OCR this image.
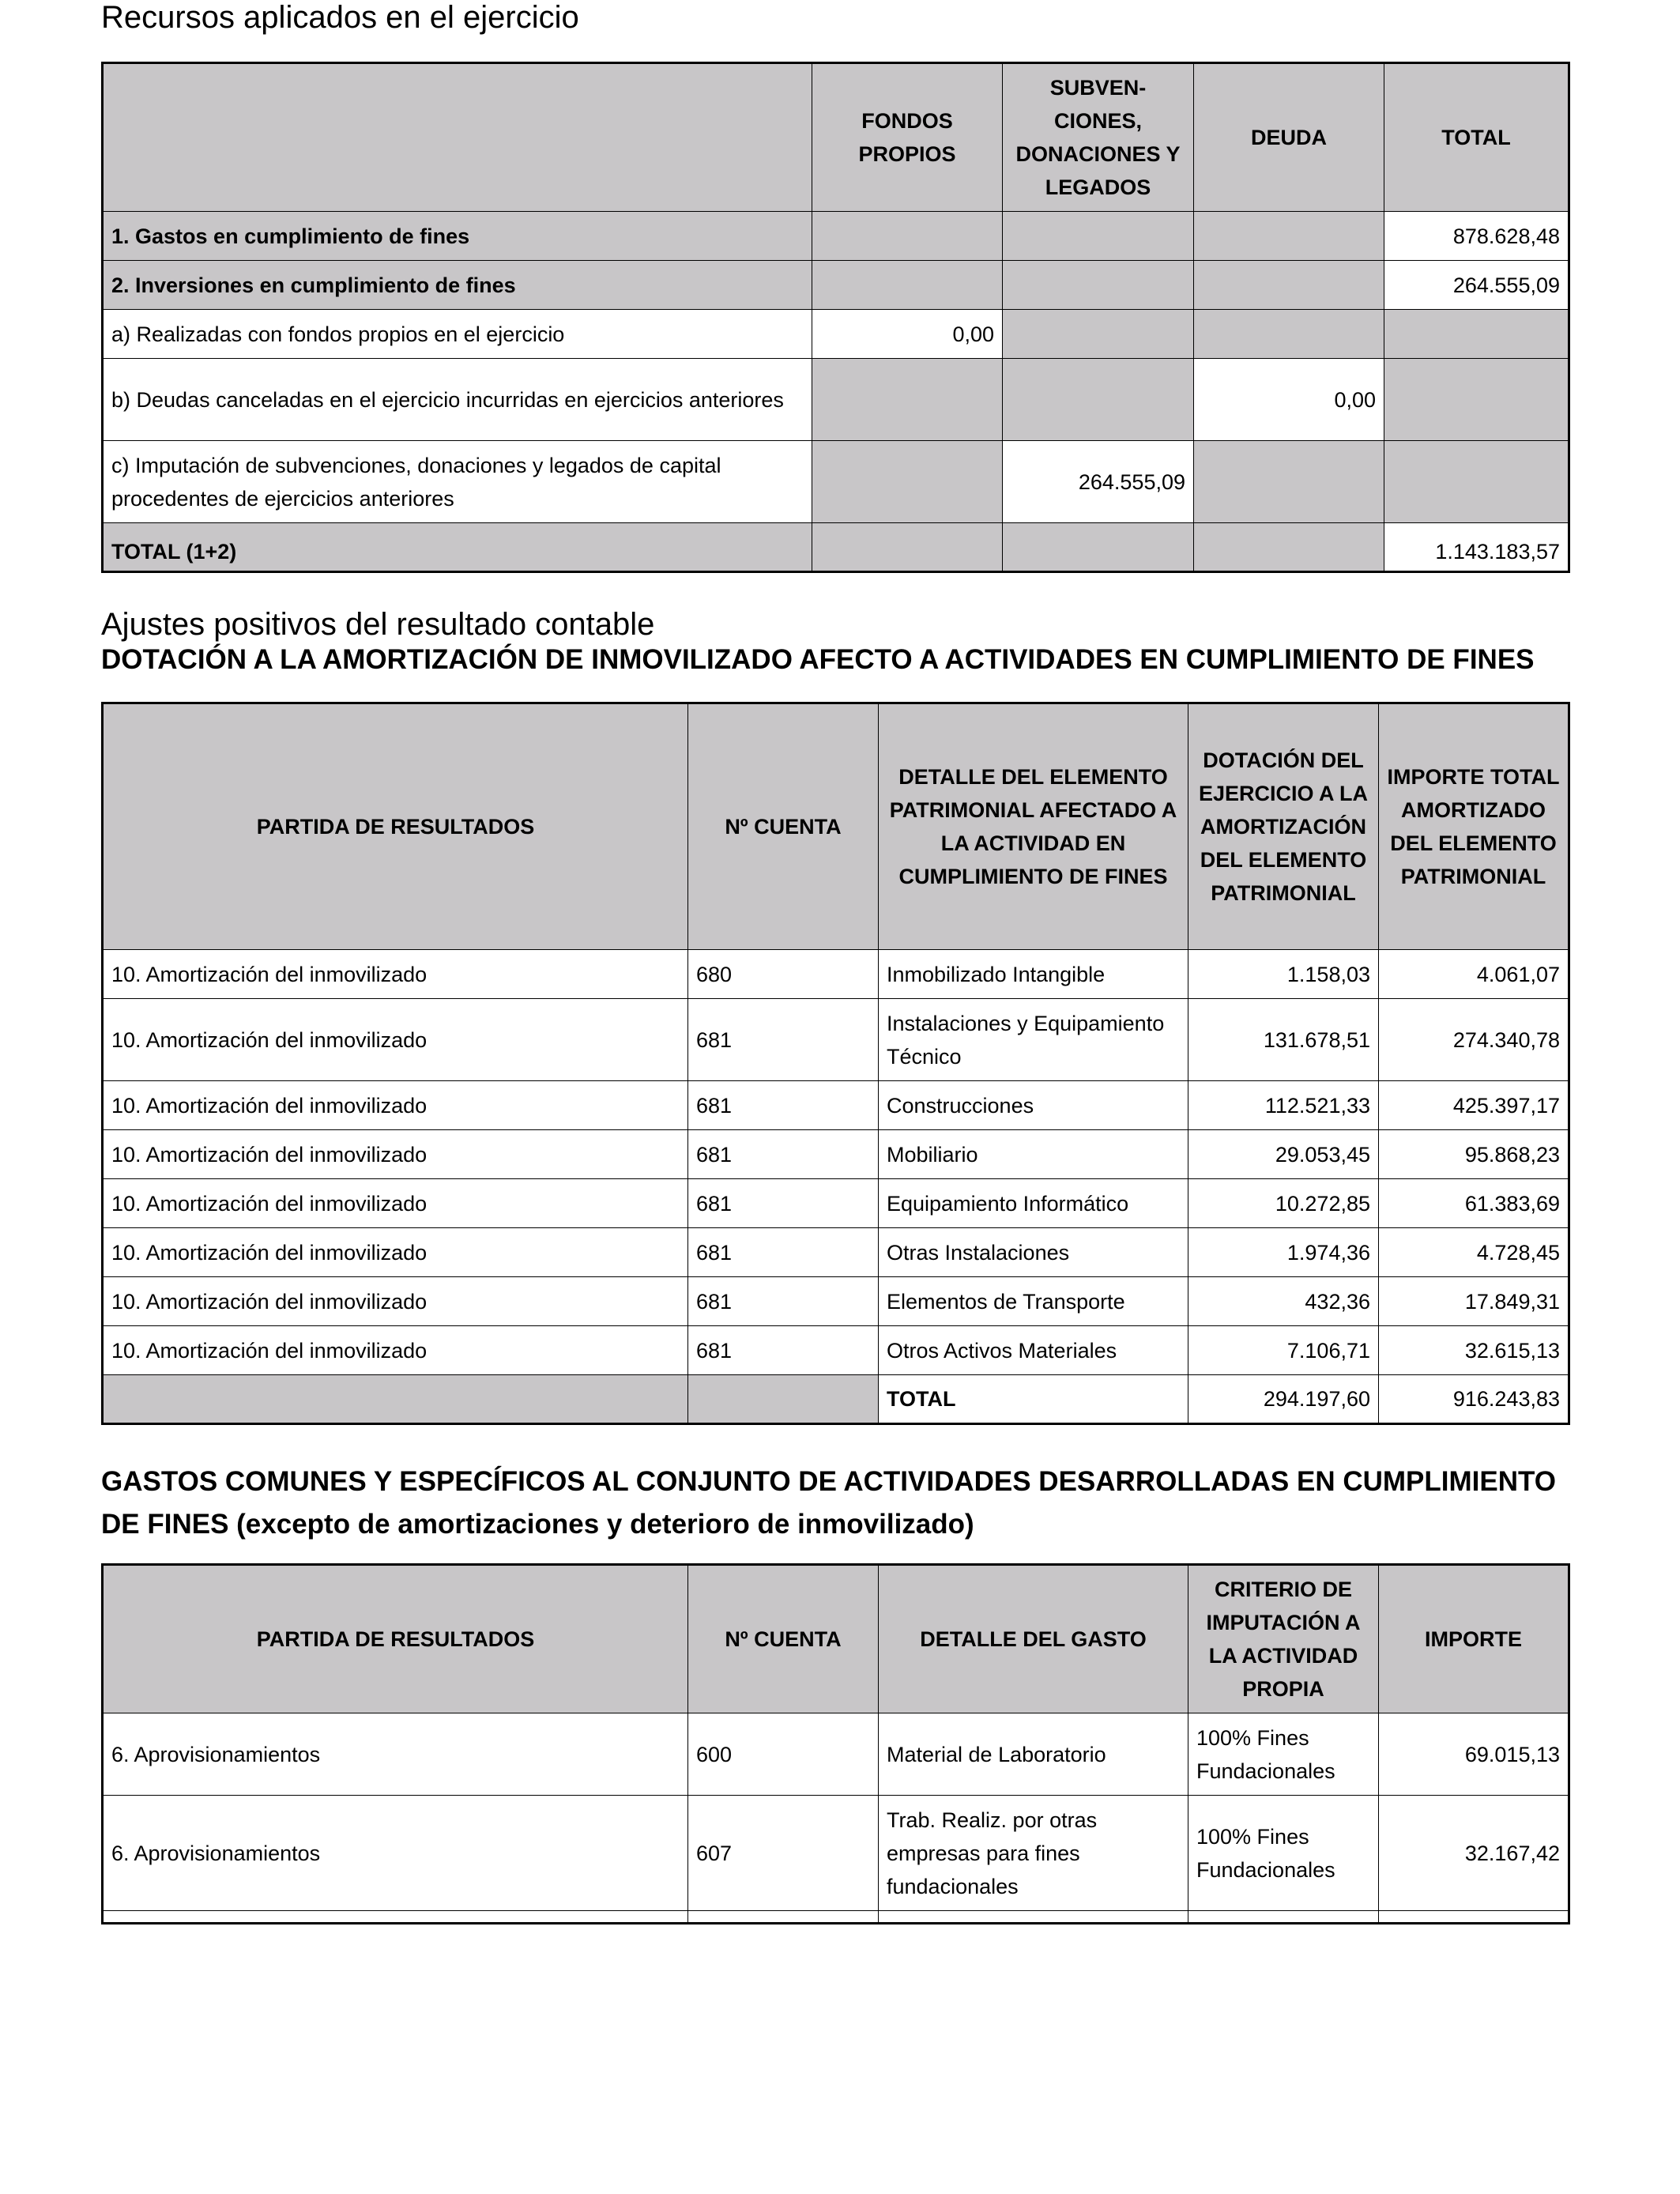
Recursos aplicados en el ejercicio
	FONDOS PROPIOS	SUBVEN- CIONES, DONACIONES Y LEGADOS	DEUDA	TOTAL
1. Gastos en cumplimiento de fines				878.628,48
2. Inversiones en cumplimiento de fines				264.555,09
a) Realizadas con fondos propios en el ejercicio	0,00			
b) Deudas canceladas en el ejercicio incurridas en ejercicios anteriores			0,00	
c) Imputación de subvenciones, donaciones y legados de capital procedentes de ejercicios anteriores		264.555,09		
TOTAL (1+2)				1.143.183,57
Ajustes positivos del resultado contable
DOTACIÓN A LA AMORTIZACIÓN DE INMOVILIZADO AFECTO A ACTIVIDADES EN CUMPLIMIENTO DE FINES
PARTIDA DE RESULTADOS	Nº CUENTA	DETALLE DEL ELEMENTO PATRIMONIAL AFECTADO A LA ACTIVIDAD EN CUMPLIMIENTO DE FINES	DOTACIÓN DEL EJERCICIO A LA AMORTIZACIÓN DEL ELEMENTO PATRIMONIAL	IMPORTE TOTAL AMORTIZADO DEL ELEMENTO PATRIMONIAL
10. Amortización del inmovilizado	680	Inmobilizado Intangible	1.158,03	4.061,07
10. Amortización del inmovilizado	681	Instalaciones y Equipamiento Técnico	131.678,51	274.340,78
10. Amortización del inmovilizado	681	Construcciones	112.521,33	425.397,17
10. Amortización del inmovilizado	681	Mobiliario	29.053,45	95.868,23
10. Amortización del inmovilizado	681	Equipamiento Informático	10.272,85	61.383,69
10. Amortización del inmovilizado	681	Otras Instalaciones	1.974,36	4.728,45
10. Amortización del inmovilizado	681	Elementos de Transporte	432,36	17.849,31
10. Amortización del inmovilizado	681	Otros Activos Materiales	7.106,71	32.615,13
		TOTAL	294.197,60	916.243,83
GASTOS COMUNES Y ESPECÍFICOS AL CONJUNTO DE ACTIVIDADES DESARROLLADAS EN CUMPLIMIENTO DE FINES (excepto de amortizaciones y deterioro de inmovilizado)
PARTIDA DE RESULTADOS	Nº CUENTA	DETALLE DEL GASTO	CRITERIO DE IMPUTACIÓN A LA ACTIVIDAD PROPIA	IMPORTE
6. Aprovisionamientos	600	Material de Laboratorio	100% Fines Fundacionales	69.015,13
6. Aprovisionamientos	607	Trab. Realiz. por otras empresas para fines fundacionales	100% Fines Fundacionales	32.167,42
